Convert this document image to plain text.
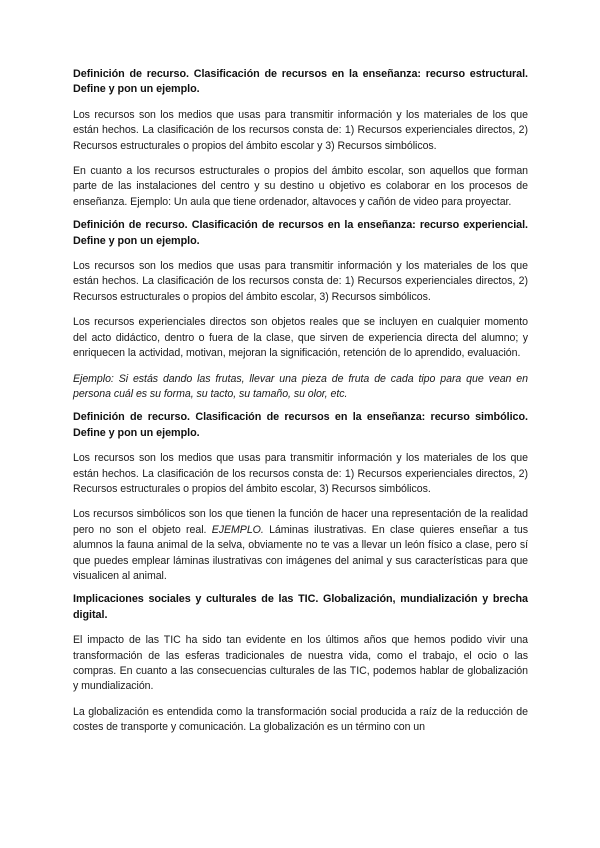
Definición de recurso. Clasificación de recursos en la enseñanza: recurso estructural. Define y pon un ejemplo.

Los recursos son los medios que usas para transmitir información y los materiales de los que están hechos. La clasificación de los recursos consta de: 1) Recursos experienciales directos, 2) Recursos estructurales o propios del ámbito escolar y 3) Recursos simbólicos.

En cuanto a los recursos estructurales o propios del ámbito escolar, son aquellos que forman parte de las instalaciones del centro y su destino u objetivo es colaborar en los procesos de enseñanza. Ejemplo: Un aula que tiene ordenador, altavoces y cañón de video para proyectar.

Definición de recurso. Clasificación de recursos en la enseñanza: recurso experiencial. Define y pon un ejemplo.

Los recursos son los medios que usas para transmitir información y los materiales de los que están hechos. La clasificación de los recursos consta de: 1) Recursos experienciales directos, 2) Recursos estructurales o propios del ámbito escolar, 3) Recursos simbólicos.

Los recursos experienciales directos son objetos reales que se incluyen en cualquier momento del acto didáctico, dentro o fuera de la clase, que sirven de experiencia directa del alumno; y enriquecen la actividad, motivan, mejoran la significación, retención de lo aprendido, evaluación.

Ejemplo: Si estás dando las frutas, llevar una pieza de fruta de cada tipo para que vean en persona cuál es su forma, su tacto, su tamaño, su olor, etc.

Definición de recurso. Clasificación de recursos en la enseñanza: recurso simbólico. Define y pon un ejemplo.

Los recursos son los medios que usas para transmitir información y los materiales de los que están hechos. La clasificación de los recursos consta de: 1) Recursos experienciales directos, 2) Recursos estructurales o propios del ámbito escolar, 3) Recursos simbólicos.

Los recursos simbólicos son los que tienen la función de hacer una representación de la realidad pero no son el objeto real. EJEMPLO. Láminas ilustrativas. En clase quieres enseñar a tus alumnos la fauna animal de la selva, obviamente no te vas a llevar un león físico a clase, pero sí que puedes emplear láminas ilustrativas con imágenes del animal y sus características para que visualicen al animal.

Implicaciones sociales y culturales de las TIC. Globalización, mundialización y brecha digital.

El impacto de las TIC ha sido tan evidente en los últimos años que hemos podido vivir una transformación de las esferas tradicionales de nuestra vida, como el trabajo, el ocio o las compras. En cuanto a las consecuencias culturales de las TIC, podemos hablar de globalización y mundialización.

La globalización es entendida como la transformación social producida a raíz de la reducción de costes de transporte y comunicación. La globalización es un término con un
